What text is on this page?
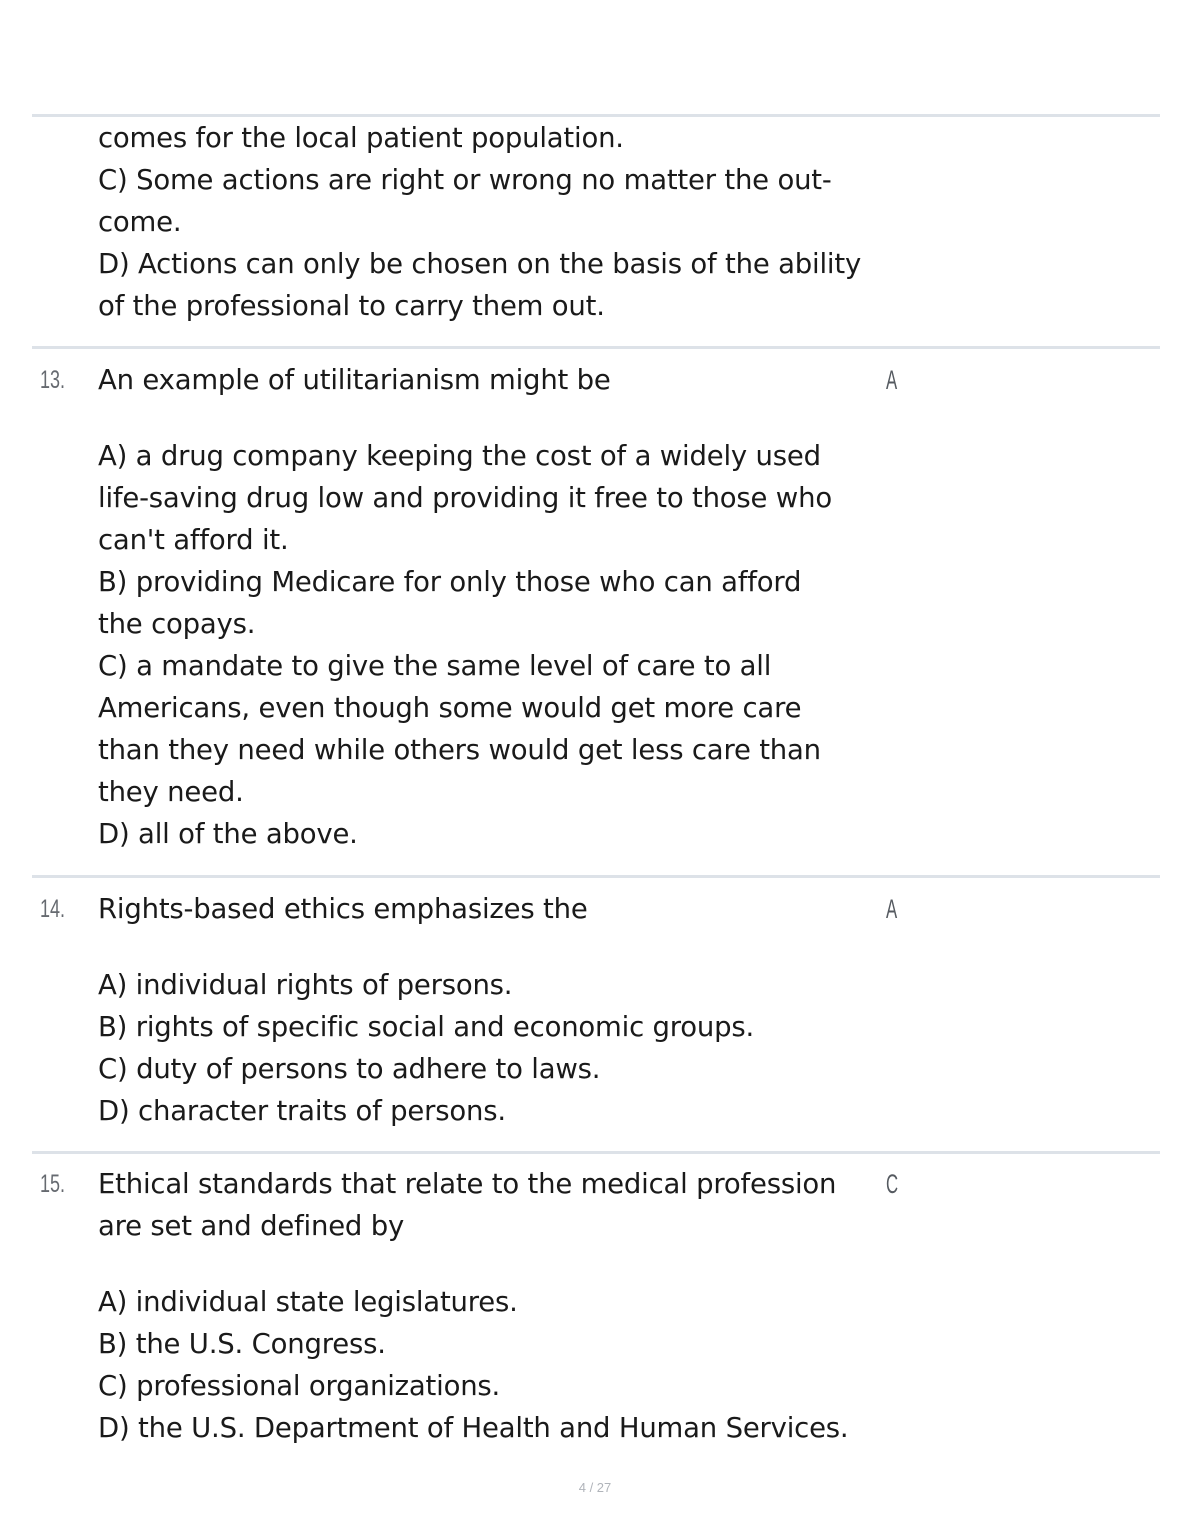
comes for the local patient population.
C) Some actions are right or wrong no matter the out-
come.
D) Actions can only be chosen on the basis of the ability
of the professional to carry them out.
13.	A
An example of utilitarianism might be
A) a drug company keeping the cost of a widely used
life-saving drug low and providing it free to those who
can't afford it.
B) providing Medicare for only those who can afford
the copays.
C) a mandate to give the same level of care to all
Americans, even though some would get more care
than they need while others would get less care than
they need.
D) all of the above.
14.	A
Rights-based ethics emphasizes the
A) individual rights of persons.
B) rights of specific social and economic groups.
C) duty of persons to adhere to laws.
D) character traits of persons.
15.	C
Ethical standards that relate to the medical profession
are set and defined by
A) individual state legislatures.
B) the U.S. Congress.
C) professional organizations.
D) the U.S. Department of Health and Human Services.
4 / 27
